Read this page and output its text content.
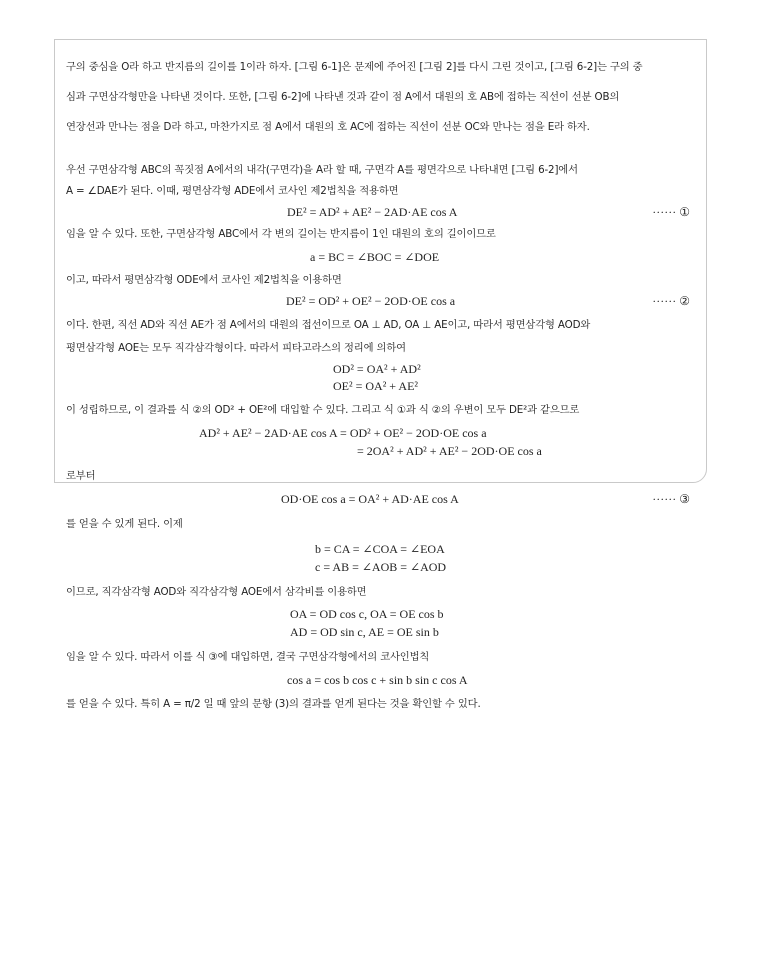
구의 중심을 O라 하고 반지름의 길이를 1이라 하자. [그림 6-1]은 문제에 주어진 [그림 2]를 다시 그린 것이고, [그림 6-2]는 구의 중
심과 구면삼각형만을 나타낸 것이다. 또한, [그림 6-2]에 나타낸 것과 같이 점 A에서 대원의 호 AB에 접하는 직선이 선분 OB의
연장선과 만나는 점을 D라 하고, 마찬가지로 점 A에서 대원의 호 AC에 접하는 직선이 선분 OC와 만나는 점을 E라 하자.
우선 구면삼각형 ABC의 꼭짓점 A에서의 내각(구면각)을 A라 할 때, 구면각 A를 평면각으로 나타내면 [그림 6-2]에서
A = ∠DAE가 된다. 이때, 평면삼각형 ADE에서 코사인 제2법칙을 적용하면
DE² = AD² + AE² − 2AD·AE cos A	······ ①
임을 알 수 있다. 또한, 구면삼각형 ABC에서 각 변의 길이는 반지름이 1인 대원의 호의 길이이므로
a = BC = ∠BOC = ∠DOE
이고, 따라서 평면삼각형 ODE에서 코사인 제2법칙을 이용하면
DE² = OD² + OE² − 2OD·OE cos a	······ ②
이다. 한편, 직선 AD와 직선 AE가 점 A에서의 대원의 접선이므로 OA ⊥ AD, OA ⊥ AE이고, 따라서 평면삼각형 AOD와
평면삼각형 AOE는 모두 직각삼각형이다. 따라서 피타고라스의 정리에 의하여
OD² = OA² + AD²
OE² = OA² + AE²
이 성립하므로, 이 결과를 식 ②의 OD² + OE²에 대입할 수 있다. 그리고 식 ①과 식 ②의 우변이 모두 DE²과 같으므로
AD² + AE² − 2AD·AE cos A = OD² + OE² − 2OD·OE cos a
= 2OA² + AD² + AE² − 2OD·OE cos a
로부터
OD·OE cos a = OA² + AD·AE cos A	······ ③
를 얻을 수 있게 된다. 이제
b = CA = ∠COA = ∠EOA
c = AB = ∠AOB = ∠AOD
이므로, 직각삼각형 AOD와 직각삼각형 AOE에서 삼각비를 이용하면
OA = OD cos c, OA = OE cos b
AD = OD sin c, AE = OE sin b
임을 알 수 있다. 따라서 이를 식 ③에 대입하면, 결국 구면삼각형에서의 코사인법칙
cos a = cos b cos c + sin b sin c cos A
를 얻을 수 있다. 특히 A = π/2 일 때 앞의 문항 (3)의 결과를 얻게 된다는 것을 확인할 수 있다.
